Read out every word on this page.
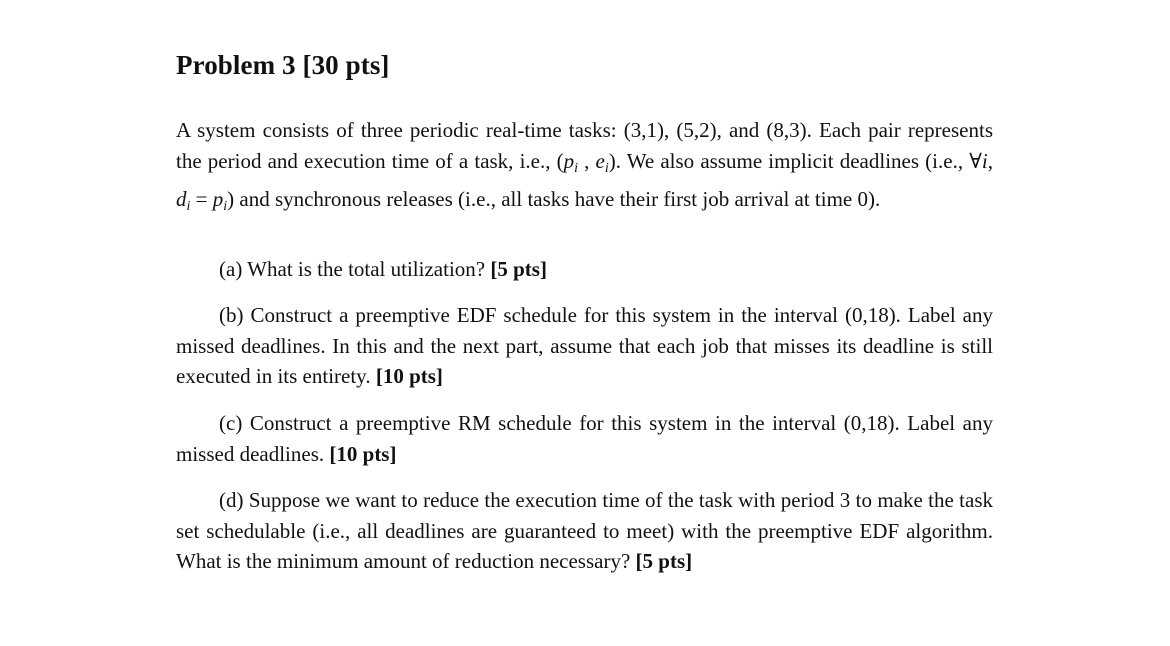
Problem 3 [30 pts]

A system consists of three periodic real-time tasks: (3,1), (5,2), and (8,3). Each pair represents the period and execution time of a task, i.e., ($p_i$ , $e_i$). We also assume implicit deadlines (i.e., ∀i, $d_i = p_i$) and synchronous releases (i.e., all tasks have their first job arrival at time 0).

(a) What is the total utilization? [5 pts]

(b) Construct a preemptive EDF schedule for this system in the interval (0,18). Label any missed deadlines. In this and the next part, assume that each job that misses its deadline is still executed in its entirety. [10 pts]

(c) Construct a preemptive RM schedule for this system in the interval (0,18). Label any missed deadlines. [10 pts]

(d) Suppose we want to reduce the execution time of the task with period 3 to make the task set schedulable (i.e., all deadlines are guaranteed to meet) with the preemptive EDF algorithm. What is the minimum amount of reduction necessary? [5 pts]
